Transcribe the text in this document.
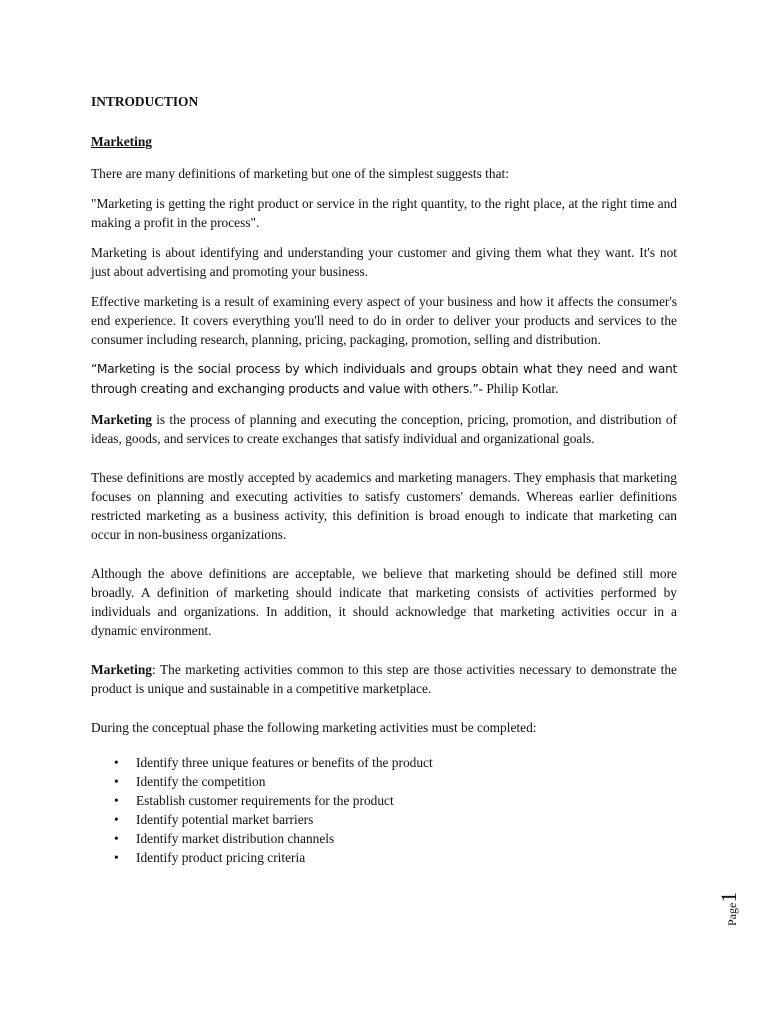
INTRODUCTION
Marketing

There are many definitions of marketing but one of the simplest suggests that:

"Marketing is getting the right product or service in the right quantity, to the right place, at the right time and making a profit in the process".

Marketing is about identifying and understanding your customer and giving them what they want. It's not just about advertising and promoting your business.

Effective marketing is a result of examining every aspect of your business and how it affects the consumer's end experience. It covers everything you'll need to do in order to deliver your products and services to the consumer including research, planning, pricing, packaging, promotion, selling and distribution.

“Marketing is the social process by which individuals and groups obtain what they need and want through creating and exchanging products and value with others.”- Philip Kotlar.

Marketing is the process of planning and executing the conception, pricing, promotion, and distribution of ideas, goods, and services to create exchanges that satisfy individual and organizational goals.

These definitions are mostly accepted by academics and marketing managers. They emphasis that marketing focuses on planning and executing activities to satisfy customers' demands. Whereas earlier definitions restricted marketing as a business activity, this definition is broad enough to indicate that marketing can occur in non-business organizations.

Although the above definitions are acceptable, we believe that marketing should be defined still more broadly. A definition of marketing should indicate that marketing consists of activities performed by individuals and organizations. In addition, it should acknowledge that marketing activities occur in a dynamic environment.

Marketing: The marketing activities common to this step are those activities necessary to demonstrate the product is unique and sustainable in a competitive marketplace.

During the conceptual phase the following marketing activities must be completed:

• Identify three unique features or benefits of the product
• Identify the competition
• Establish customer requirements for the product
• Identify potential market barriers
• Identify market distribution channels
• Identify product pricing criteria
Page1
